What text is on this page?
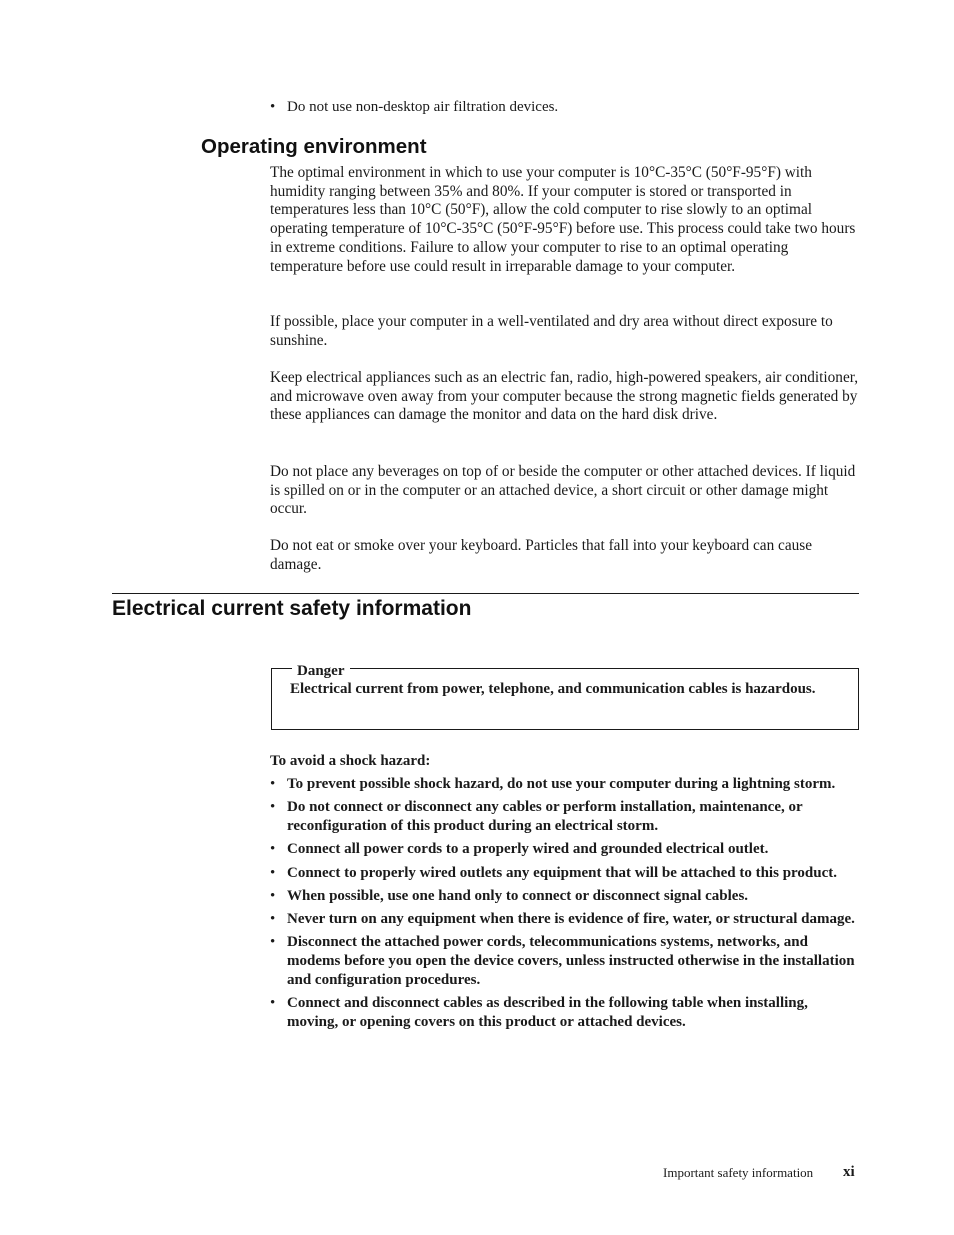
• Do not use non-desktop air filtration devices.
Operating environment

The optimal environment in which to use your computer is 10°C-35°C (50°F-95°F) with humidity ranging between 35% and 80%. If your computer is stored or transported in temperatures less than 10°C (50°F), allow the cold computer to rise slowly to an optimal operating temperature of 10°C-35°C (50°F-95°F) before use. This process could take two hours in extreme conditions. Failure to allow your computer to rise to an optimal operating temperature before use could result in irreparable damage to your computer.

If possible, place your computer in a well-ventilated and dry area without direct exposure to sunshine.

Keep electrical appliances such as an electric fan, radio, high-powered speakers, air conditioner, and microwave oven away from your computer because the strong magnetic fields generated by these appliances can damage the monitor and data on the hard disk drive.

Do not place any beverages on top of or beside the computer or other attached devices. If liquid is spilled on or in the computer or an attached device, a short circuit or other damage might occur.

Do not eat or smoke over your keyboard. Particles that fall into your keyboard can cause damage.

Electrical current safety information
Danger
Electrical current from power, telephone, and communication cables is hazardous.
To avoid a shock hazard:
• To prevent possible shock hazard, do not use your computer during a lightning storm.
• Do not connect or disconnect any cables or perform installation, maintenance, or reconfiguration of this product during an electrical storm.
• Connect all power cords to a properly wired and grounded electrical outlet.
• Connect to properly wired outlets any equipment that will be attached to this product.
• When possible, use one hand only to connect or disconnect signal cables.
• Never turn on any equipment when there is evidence of fire, water, or structural damage.
• Disconnect the attached power cords, telecommunications systems, networks, and modems before you open the device covers, unless instructed otherwise in the installation and configuration procedures.
• Connect and disconnect cables as described in the following table when installing, moving, or opening covers on this product or attached devices.
Important safety information xi
